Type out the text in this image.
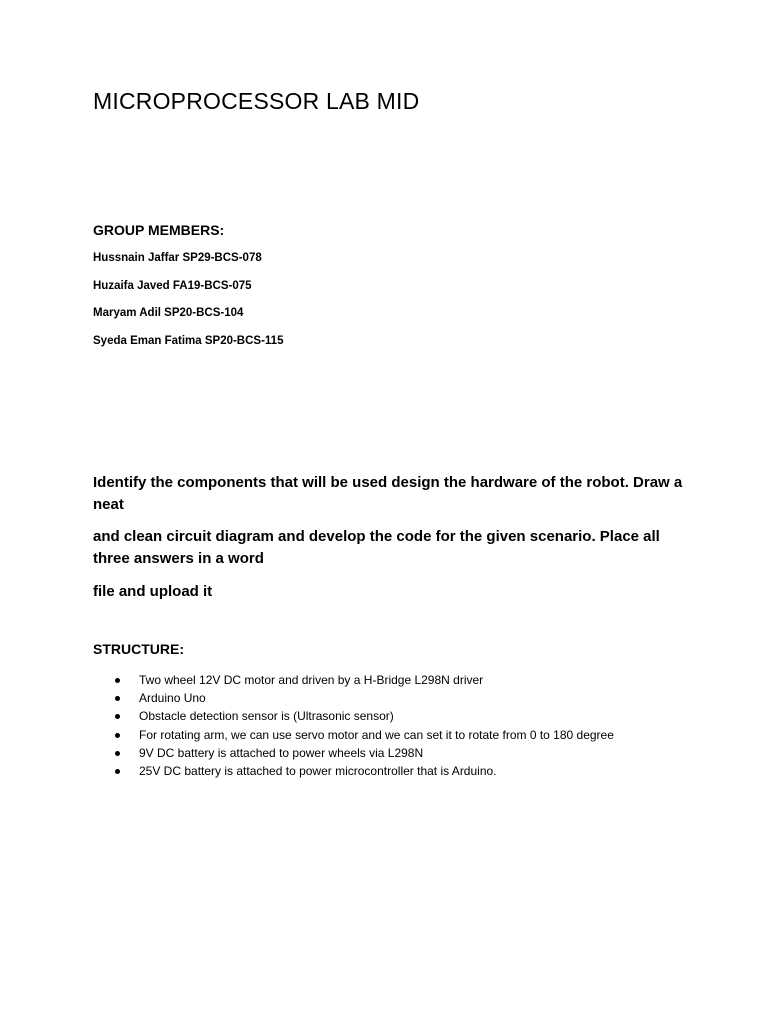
MICROPROCESSOR LAB MID
GROUP MEMBERS:
Hussnain Jaffar SP29-BCS-078
Huzaifa Javed FA19-BCS-075
Maryam Adil SP20-BCS-104
Syeda Eman Fatima SP20-BCS-115

Identify the components that will be used design the hardware of the robot. Draw a neat

and clean circuit diagram and develop the code for the given scenario. Place all three answers in a word

file and upload it

STRUCTURE:
Two wheel 12V DC motor and driven by a H-Bridge L298N driver
Arduino Uno
Obstacle detection sensor is (Ultrasonic sensor)
For rotating arm, we can use servo motor and we can set it to rotate from 0 to 180 degree
9V DC battery is attached to power wheels via L298N
25V DC battery is attached to power microcontroller that is Arduino.
